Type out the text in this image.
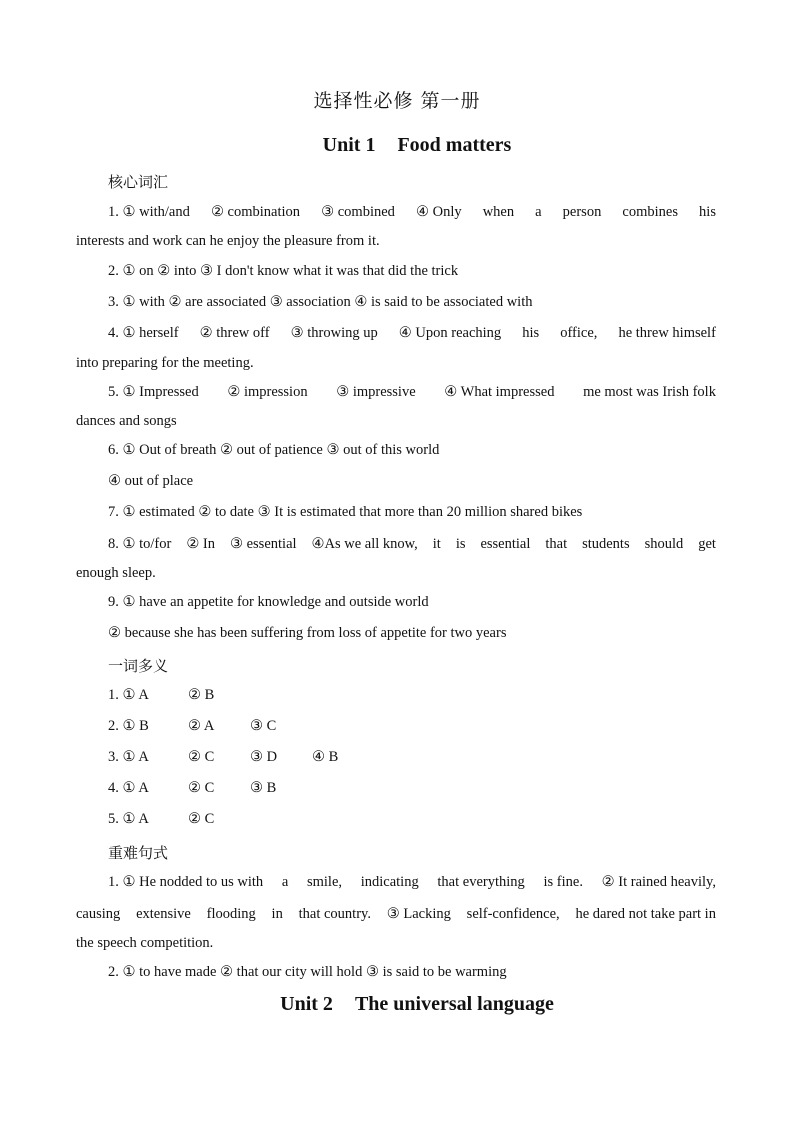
选择性必修 第一册
Unit 1 Food matters
核心词汇
1. ① with/and ② combination ③ combined ④ Only when a person combines his
interests and work can he enjoy the pleasure from it.
2. ① on ② into ③ I don't know what it was that did the trick
3. ① with ② are associated ③ association ④ is said to be associated with
4. ① herself ② threw off ③ throwing up ④ Upon reaching his office, he threw himself
into preparing for the meeting.
5. ① Impressed ② impression ③ impressive ④ What impressed me most was Irish folk
dances and songs
6. ① Out of breath ② out of patience ③ out of this world
④ out of place
7. ① estimated ② to date ③ It is estimated that more than 20 million shared bikes
8. ① to/for ② In ③ essential ④As we all know, it is essential that students should get
enough sleep.
9. ① have an appetite for knowledge and outside world
② because she has been suffering from loss of appetite for two years
一词多义
1. ① A	② B
2. ① B	② A ③ C
3. ① A	② C ③ D ④ B
4. ① A	② C ③ B
5. ① A	② C
重难句式
1. ① He nodded to us with a smile, indicating that everything is fine. ② It rained heavily,
causing extensive flooding in that country. ③ Lacking self-confidence, he dared not take part in
the speech competition.
2. ① to have made ② that our city will hold ③ is said to be warming
Unit 2 The universal language
